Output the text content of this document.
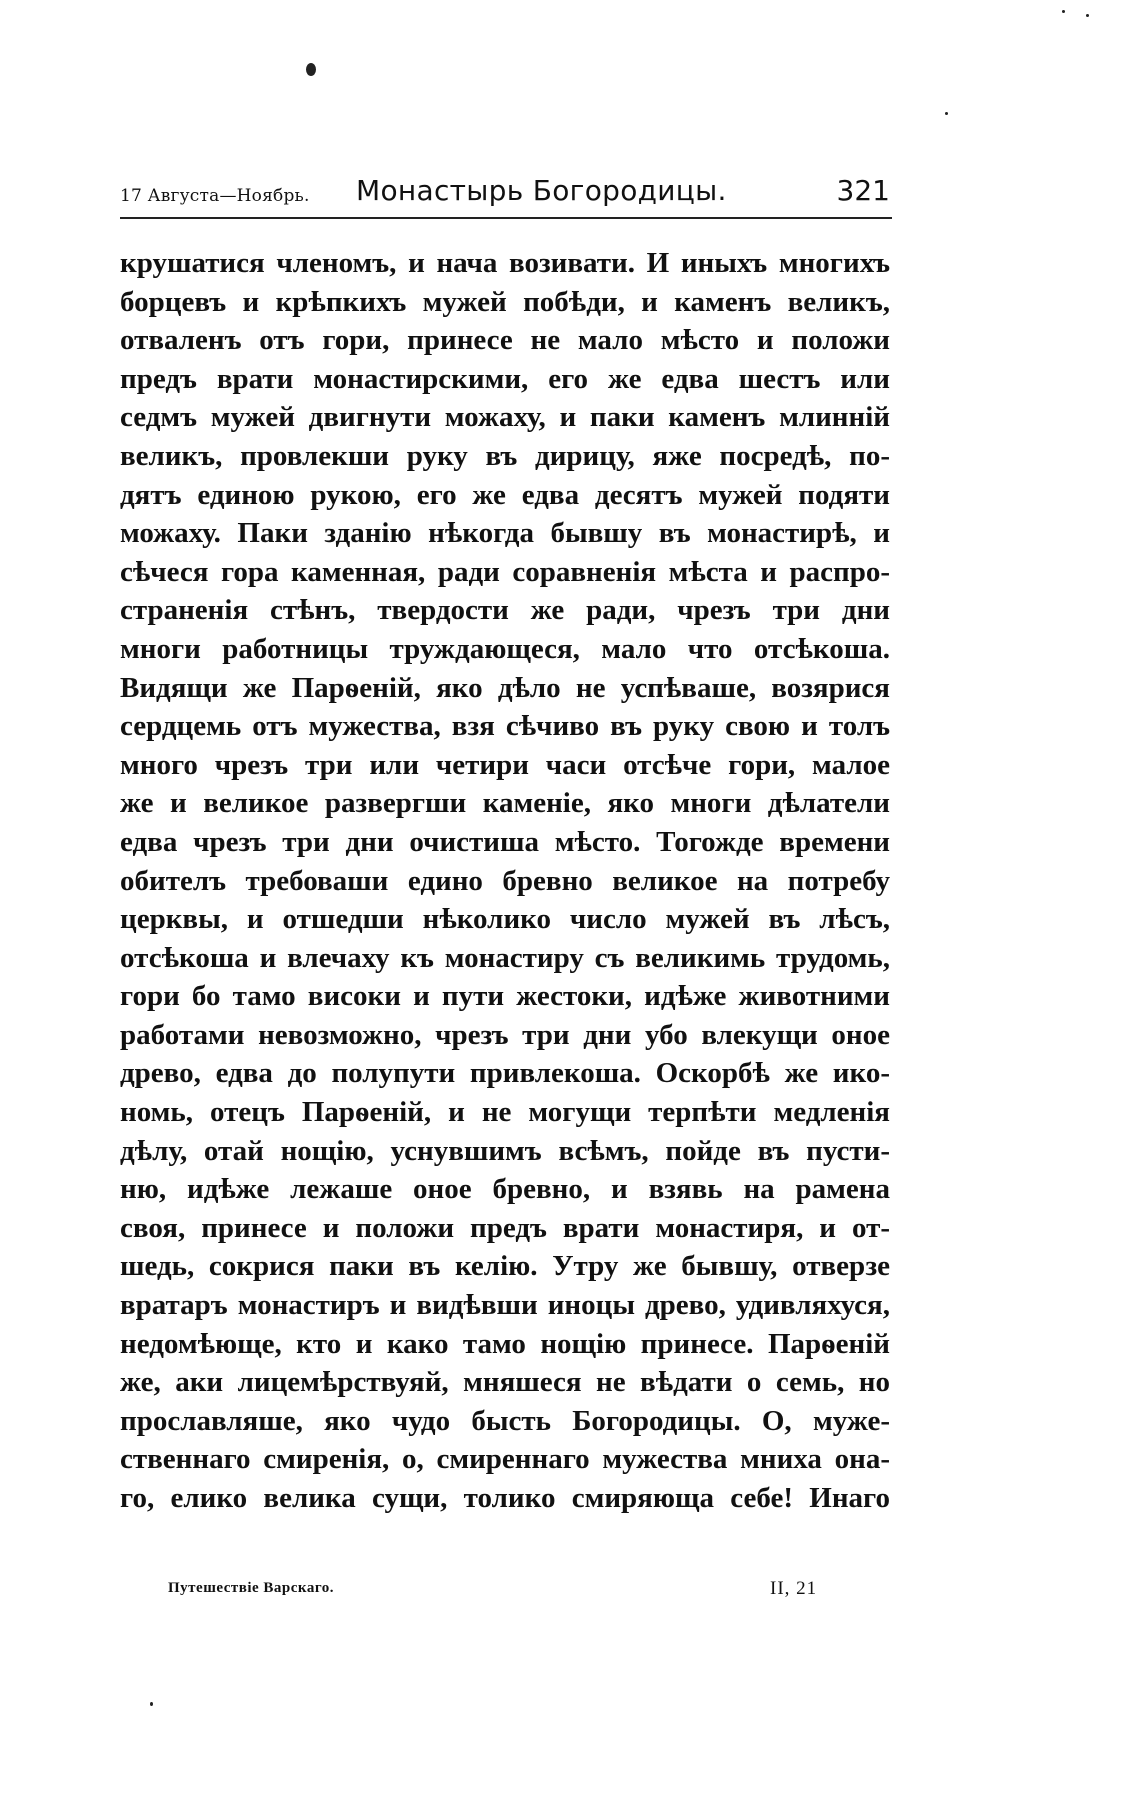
17 Августа—Ноябрь. Монастырь Богородицы.	321
крушатися членомъ, и нача возивати. И иныхъ многихъ
борцевъ и крѣпкихъ мужей побѣди, и каменъ великъ,
отваленъ отъ гори, принесе не мало мѣсто и положи
предъ врати монастирскими, его же едва шестъ или
седмъ мужей двигнути можаху, и паки каменъ млинній
великъ, провлекши руку въ дирицу, яже посредѣ, по-
дятъ единою рукою, его же едва десятъ мужей подяти
можаху. Паки зданію нѣкогда бывшу въ монастирѣ, и
сѣчеся гора каменная, ради соравненія мѣста и распро-
страненія стѣнъ, твердости же ради, чрезъ три дни
многи работницы труждающеся, мало что отсѣкоша.
Видящи же Парѳеній, яко дѣло не успѣваше, возярися
сердцемь отъ мужества, взя сѣчиво въ руку свою и толъ
много чрезъ три или четири часи отсѣче гори, малое
же и великое развергши каменіе, яко многи дѣлатели
едва чрезъ три дни очистиша мѣсто. Тогожде времени
обителъ требоваши едино бревно великое на потребу
церквы, и отшедши нѣколико число мужей въ лѣсъ,
отсѣкоша и влечаху къ монастиру съ великимь трудомь,
гори бо тамо високи и пути жестоки, идѣже животними
работами невозможно, чрезъ три дни убо влекущи оное
древо, едва до полупути привлекоша. Оскорбѣ же ико-
номь, отецъ Парѳеній, и не могущи терпѣти медленія
дѣлу, отай нощію, уснувшимъ всѣмъ, пойде въ пусти-
ню, идѣже лежаше оное бревно, и взявь на рамена
своя, принесе и положи предъ врати монастиря, и от-
шедь, сокрися паки въ келію. Утру же бывшу, отверзе
вратаръ монастиръ и видѣвши иноцы древо, удивляхуся,
недомѣюще, кто и како тамо нощію принесе. Парѳеній
же, аки лицемѣрствуяй, мняшеся не вѣдати о семь, но
прославляше, яко чудо бысть Богородицы. О, муже-
ственнаго смиренія, о, смиреннаго мужества мниха она-
го, елико велика сущи, толико смиряюща себе! Инаго
Путешествіе Варскаго.	II, 21
